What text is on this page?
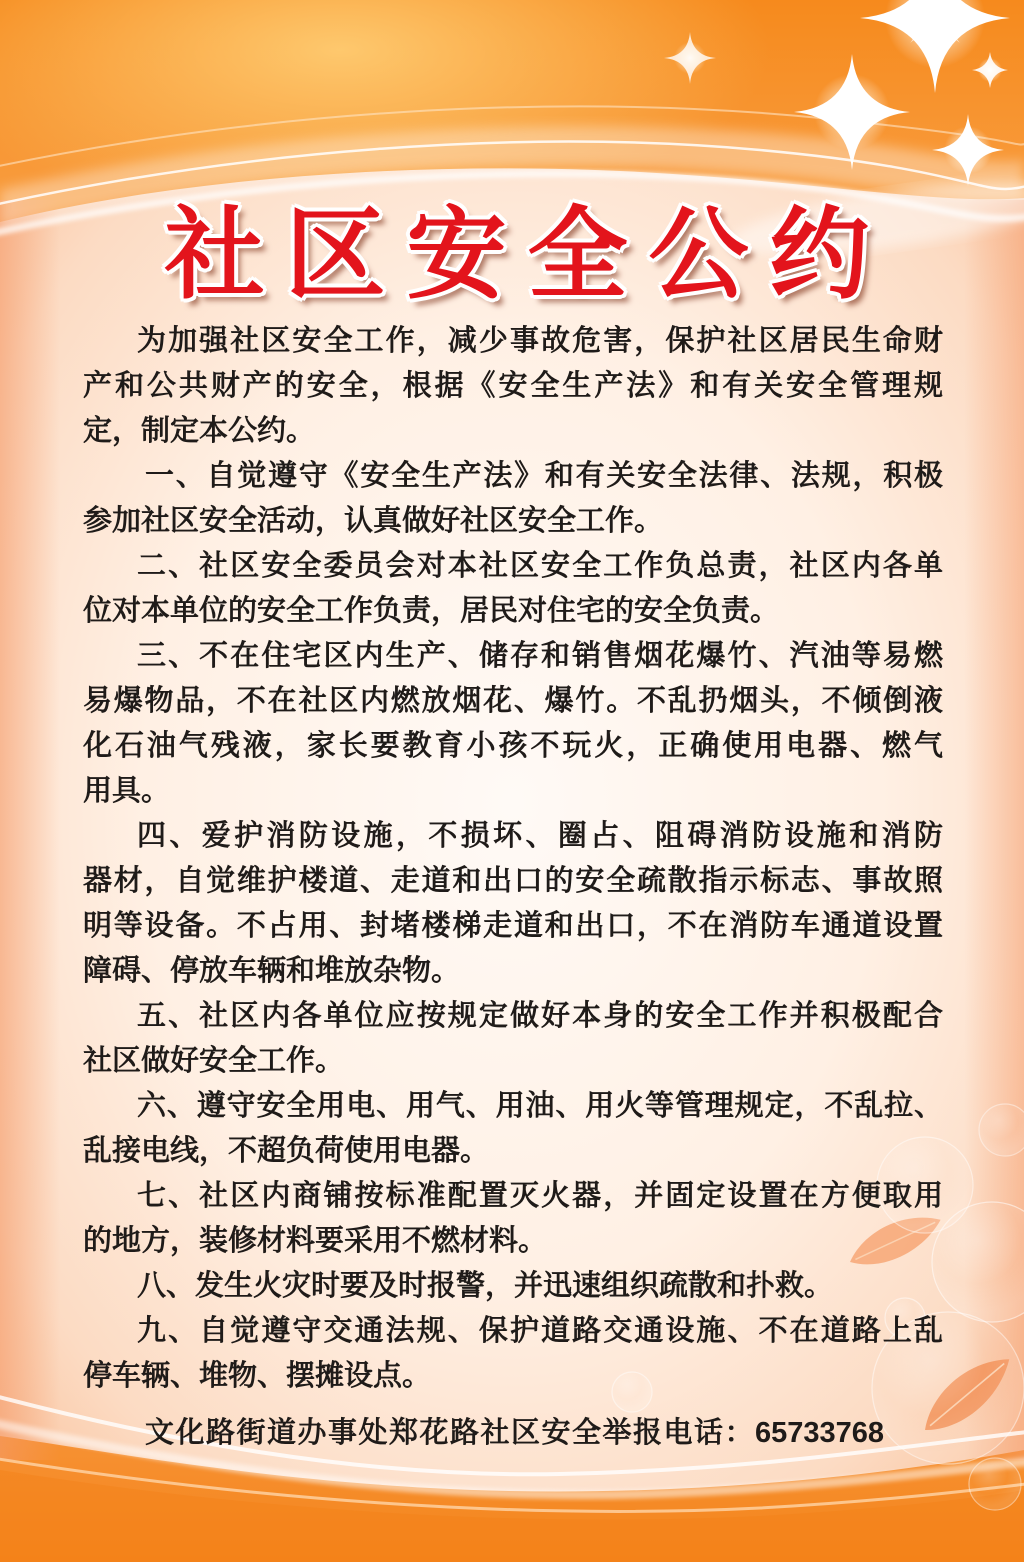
社区安全公约
为加强社区安全工作，减少事故危害，保护社区居民生命财
产和公共财产的安全，根据《安全生产法》和有关安全管理规
定，制定本公约。
一、自觉遵守《安全生产法》和有关安全法律、法规，积极
参加社区安全活动，认真做好社区安全工作。
二、社区安全委员会对本社区安全工作负总责，社区内各单
位对本单位的安全工作负责，居民对住宅的安全负责。
三、不在住宅区内生产、储存和销售烟花爆竹、汽油等易燃
易爆物品，不在社区内燃放烟花、爆竹。不乱扔烟头，不倾倒液
化石油气残液，家长要教育小孩不玩火，正确使用电器、燃气
用具。
四、爱护消防设施，不损坏、圈占、阻碍消防设施和消防
器材，自觉维护楼道、走道和出口的安全疏散指示标志、事故照
明等设备。不占用、封堵楼梯走道和出口，不在消防车通道设置
障碍、停放车辆和堆放杂物。
五、社区内各单位应按规定做好本身的安全工作并积极配合
社区做好安全工作。
六、遵守安全用电、用气、用油、用火等管理规定，不乱拉、
乱接电线，不超负荷使用电器。
七、社区内商铺按标准配置灭火器，并固定设置在方便取用
的地方，装修材料要采用不燃材料。
八、发生火灾时要及时报警，并迅速组织疏散和扑救。
九、自觉遵守交通法规、保护道路交通设施、不在道路上乱
停车辆、堆物、摆摊设点。
文化路街道办事处郑花路社区安全举报电话：65733768
